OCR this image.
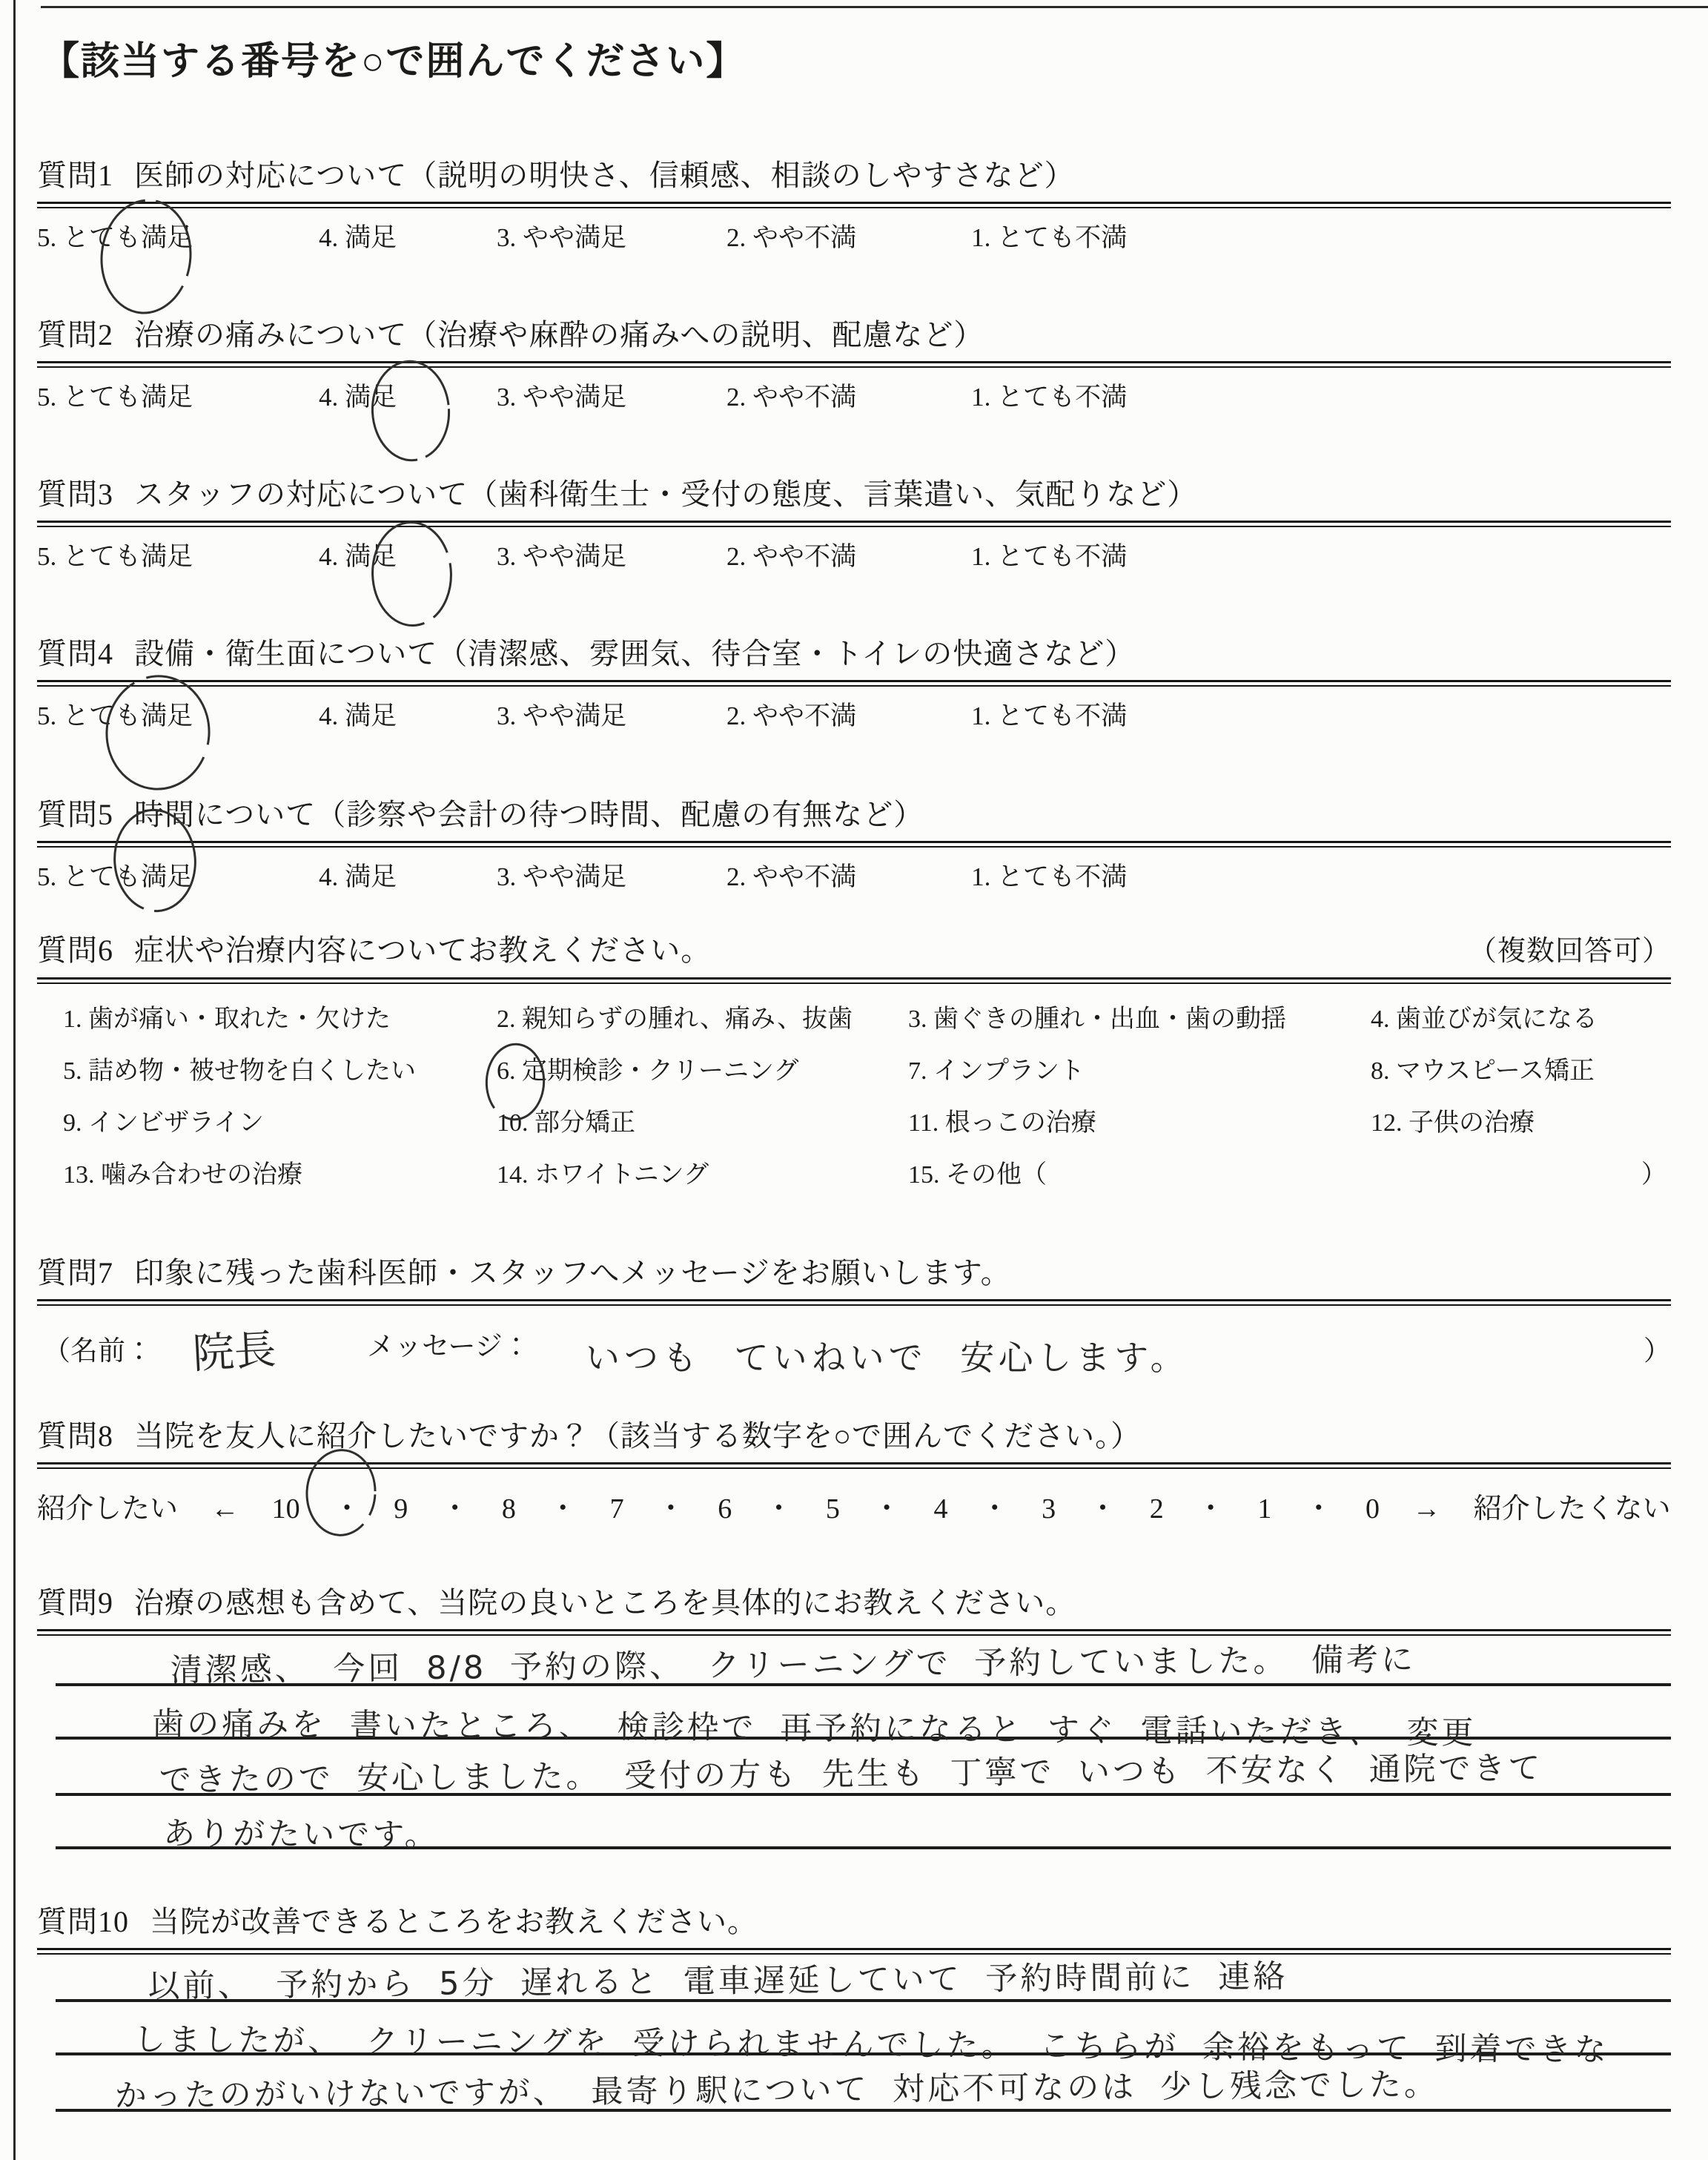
【該当する番号を○で囲んでください】
質問1 医師の対応について（説明の明快さ、信頼感、相談のしやすさなど）
5. とても満足	4. 満足	3. やや満足	2. やや不満	1. とても不満
質問2 治療の痛みについて（治療や麻酔の痛みへの説明、配慮など）
5. とても満足	4. 満足	3. やや満足	2. やや不満	1. とても不満
質問3 スタッフの対応について（歯科衛生士・受付の態度、言葉遣い、気配りなど）
5. とても満足	4. 満足	3. やや満足	2. やや不満	1. とても不満
質問4 設備・衛生面について（清潔感、雰囲気、待合室・トイレの快適さなど）
5. とても満足	4. 満足	3. やや満足	2. やや不満	1. とても不満
質問5 時間について（診察や会計の待つ時間、配慮の有無など）
5. とても満足	4. 満足	3. やや満足	2. やや不満	1. とても不満
質問6 症状や治療内容についてお教えください。	（複数回答可）
1. 歯が痛い・取れた・欠けた	2. 親知らずの腫れ、痛み、抜歯	3. 歯ぐきの腫れ・出血・歯の動揺	4. 歯並びが気になる
5. 詰め物・被せ物を白くしたい	6. 定期検診・クリーニング	7. インプラント	8. マウスピース矯正
9. インビザライン	10. 部分矯正	11. 根っこの治療	12. 子供の治療
13. 噛み合わせの治療	14. ホワイトニング	15. その他（	）
質問7 印象に残った歯科医師・スタッフへメッセージをお願いします。
（名前： 院長	メッセージ： いつも ていねいで 安心します。	）
質問8 当院を友人に紹介したいですか？（該当する数字を○で囲んでください。）
紹介したい ← 10 ・ 9 ・ 8 ・ 7 ・ 6 ・ 5 ・ 4 ・ 3 ・ 2 ・ 1 ・ 0 → 紹介したくない
質問9 治療の感想も含めて、当院の良いところを具体的にお教えください。
清潔感、 今回 8/8 予約の際、 クリーニングで 予約していました。 備考に
歯の痛みを 書いたところ、 検診枠で 再予約になると すぐ 電話いただき、 変更
できたので 安心しました。 受付の方も 先生も 丁寧で いつも 不安なく 通院できて
ありがたいです。
質問10 当院が改善できるところをお教えください。
以前、 予約から 5分 遅れると 電車遅延していて 予約時間前に 連絡
しましたが、 クリーニングを 受けられませんでした。 こちらが 余裕をもって 到着できな
かったのがいけないですが、 最寄り駅について 対応不可なのは 少し残念でした。
